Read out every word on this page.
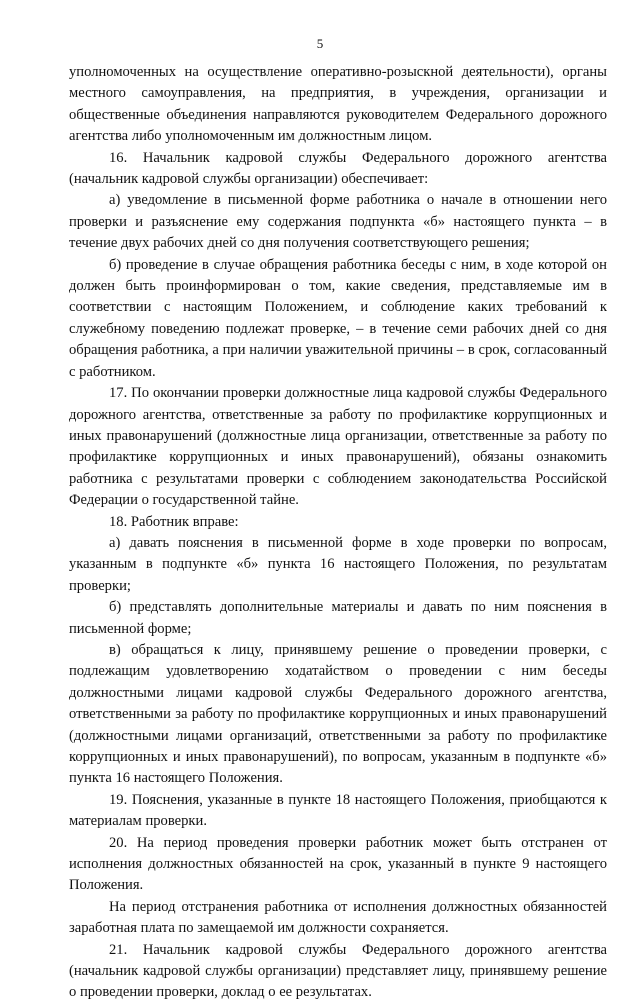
5

уполномоченных на осуществление оперативно-розыскной деятельности), органы местного самоуправления, на предприятия, в учреждения, организации и общественные объединения направляются руководителем Федерального дорожного агентства либо уполномоченным им должностным лицом.

16. Начальник кадровой службы Федерального дорожного агентства (начальник кадровой службы организации) обеспечивает:

а) уведомление в письменной форме работника о начале в отношении него проверки и разъяснение ему содержания подпункта «б» настоящего пункта – в течение двух рабочих дней со дня получения соответствующего решения;

б) проведение в случае обращения работника беседы с ним, в ходе которой он должен быть проинформирован о том, какие сведения, представляемые им в соответствии с настоящим Положением, и соблюдение каких требований к служебному поведению подлежат проверке, – в течение семи рабочих дней со дня обращения работника, а при наличии уважительной причины – в срок, согласованный с работником.

17. По окончании проверки должностные лица кадровой службы Федерального дорожного агентства, ответственные за работу по профилактике коррупционных и иных правонарушений (должностные лица организации, ответственные за работу по профилактике коррупционных и иных правонарушений), обязаны ознакомить работника с результатами проверки с соблюдением законодательства Российской Федерации о государственной тайне.

18. Работник вправе:

а) давать пояснения в письменной форме в ходе проверки по вопросам, указанным в подпункте «б» пункта 16 настоящего Положения, по результатам проверки;

б) представлять дополнительные материалы и давать по ним пояснения в письменной форме;

в) обращаться к лицу, принявшему решение о проведении проверки, с подлежащим удовлетворению ходатайством о проведении с ним беседы должностными лицами кадровой службы Федерального дорожного агентства, ответственными за работу по профилактике коррупционных и иных правонарушений (должностными лицами организаций, ответственными за работу по профилактике коррупционных и иных правонарушений), по вопросам, указанным в подпункте «б» пункта 16 настоящего Положения.

19. Пояснения, указанные в пункте 18 настоящего Положения, приобщаются к материалам проверки.

20. На период проведения проверки работник может быть отстранен от исполнения должностных обязанностей на срок, указанный в пункте 9 настоящего Положения.

На период отстранения работника от исполнения должностных обязанностей заработная плата по замещаемой им должности сохраняется.

21. Начальник кадровой службы Федерального дорожного агентства (начальник кадровой службы организации) представляет лицу, принявшему решение о проведении проверки, доклад о ее результатах.
